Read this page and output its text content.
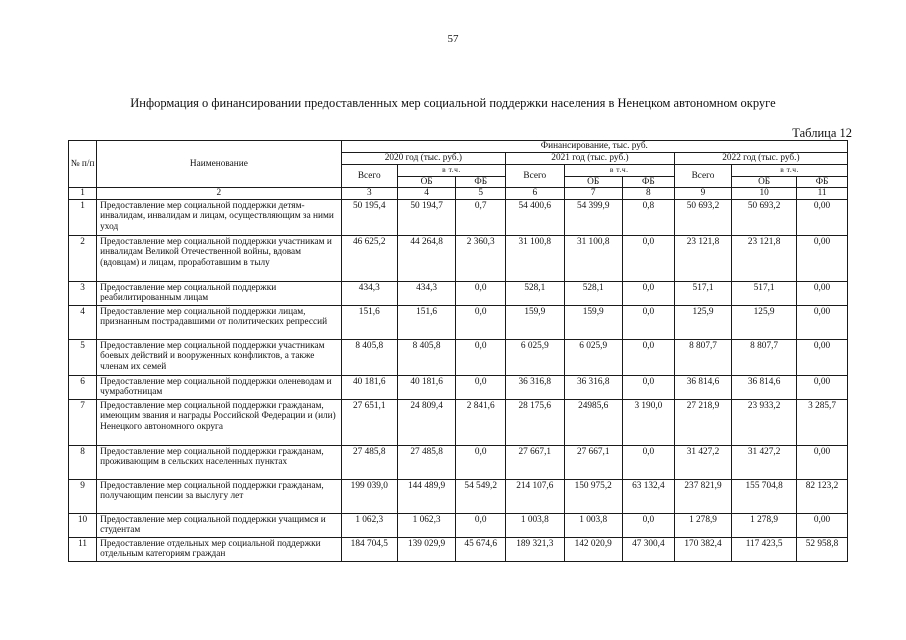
57
Информация о финансировании предоставленных мер социальной поддержки населения в Ненецком автономном округе
Таблица 12
№ п/п	Наименование	Финансирование, тыс. руб.								
		2020 год (тыс. руб.)			2021 год (тыс. руб.)			2022 год (тыс. руб.)		
		Всего	в т.ч.		Всего	в т.ч.		Всего	в т.ч.	
			ОБ	ФБ		ОБ	ФБ		ОБ	ФБ
1	2	3	4	5	6	7	8	9	10	11
1	Предоставление мер социальной поддержки детям-инвалидам, инвалидам и лицам, осуществляющим за ними уход	50 195,4	50 194,7	0,7	54 400,6	54 399,9	0,8	50 693,2	50 693,2	0,00
2	Предоставление мер социальной поддержки участникам и инвалидам Великой Отечественной войны, вдовам (вдовцам) и лицам, проработавшим в тылу	46 625,2	44 264,8	2 360,3	31 100,8	31 100,8	0,0	23 121,8	23 121,8	0,00
3	Предоставление мер социальной поддержки реабилитированным лицам	434,3	434,3	0,0	528,1	528,1	0,0	517,1	517,1	0,00
4	Предоставление мер социальной поддержки лицам, признанным пострадавшими от политических репрессий	151,6	151,6	0,0	159,9	159,9	0,0	125,9	125,9	0,00
5	Предоставление мер социальной поддержки участникам боевых действий и вооруженных конфликтов, а также членам их семей	8 405,8	8 405,8	0,0	6 025,9	6 025,9	0,0	8 807,7	8 807,7	0,00
6	Предоставление мер социальной поддержки оленеводам и чумработницам	40 181,6	40 181,6	0,0	36 316,8	36 316,8	0,0	36 814,6	36 814,6	0,00
7	Предоставление мер социальной поддержки гражданам, имеющим звания и награды Российской Федерации и (или) Ненецкого автономного округа	27 651,1	24 809,4	2 841,6	28 175,6	24985,6	3 190,0	27 218,9	23 933,2	3 285,7
8	Предоставление мер социальной поддержки гражданам, проживающим в сельских населенных пунктах	27 485,8	27 485,8	0,0	27 667,1	27 667,1	0,0	31 427,2	31 427,2	0,00
9	Предоставление мер социальной поддержки гражданам, получающим пенсии за выслугу лет	199 039,0	144 489,9	54 549,2	214 107,6	150 975,2	63 132,4	237 821,9	155 704,8	82 123,2
10	Предоставление мер социальной поддержки учащимся и студентам	1 062,3	1 062,3	0,0	1 003,8	1 003,8	0,0	1 278,9	1 278,9	0,00
11	Предоставление отдельных мер социальной поддержки отдельным категориям граждан	184 704,5	139 029,9	45 674,6	189 321,3	142 020,9	47 300,4	170 382,4	117 423,5	52 958,8
